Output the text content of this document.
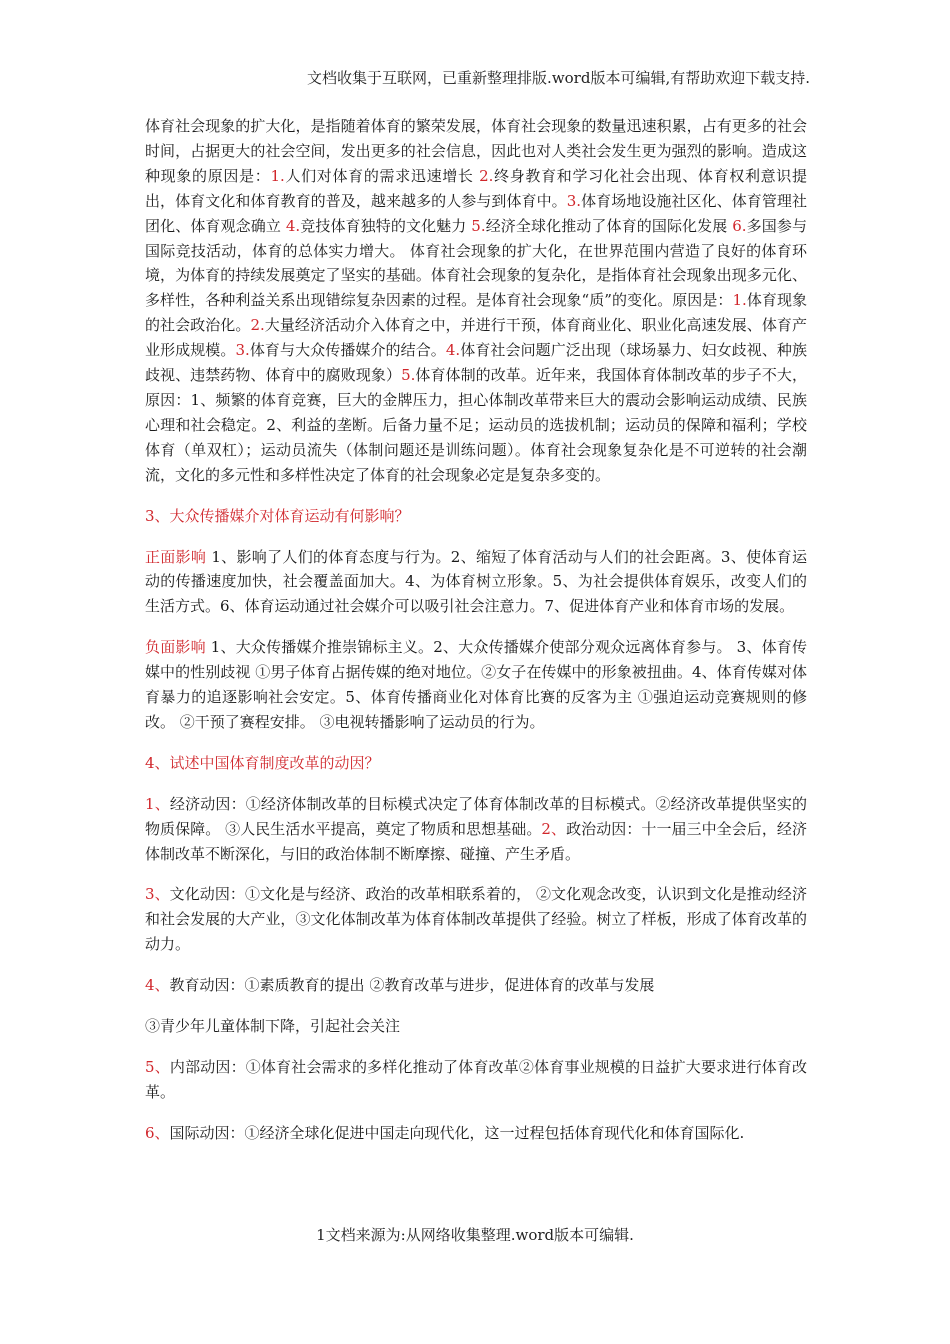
文档收集于互联网，已重新整理排版.word版本可编辑,有帮助欢迎下载支持.

体育社会现象的扩大化，是指随着体育的繁荣发展，体育社会现象的数量迅速积累，占有更多的社会时间，占据更大的社会空间，发出更多的社会信息，因此也对人类社会发生更为强烈的影响。造成这种现象的原因是：1.人们对体育的需求迅速增长 2.终身教育和学习化社会出现、体育权利意识提出，体育文化和体育教育的普及，越来越多的人参与到体育中。3.体育场地设施社区化、体育管理社团化、体育观念确立 4.竞技体育独特的文化魅力 5.经济全球化推动了体育的国际化发展 6.多国参与国际竞技活动，体育的总体实力增大。 体育社会现象的扩大化，在世界范围内营造了良好的体育环境，为体育的持续发展奠定了坚实的基础。体育社会现象的复杂化，是指体育社会现象出现多元化、多样性，各种利益关系出现错综复杂因素的过程。是体育社会现象“质”的变化。原因是：1.体育现象的社会政治化。2.大量经济活动介入体育之中，并进行干预，体育商业化、职业化高速发展、体育产业形成规模。3.体育与大众传播媒介的结合。4.体育社会问题广泛出现（球场暴力、妇女歧视、种族歧视、违禁药物、体育中的腐败现象）5.体育体制的改革。近年来，我国体育体制改革的步子不大，原因：1、频繁的体育竞赛，巨大的金牌压力，担心体制改革带来巨大的震动会影响运动成绩、民族心理和社会稳定。2、利益的垄断。后备力量不足；运动员的选拔机制；运动员的保障和福利；学校体育（单双杠）；运动员流失（体制问题还是训练问题）。体育社会现象复杂化是不可逆转的社会潮流，文化的多元性和多样性决定了体育的社会现象必定是复杂多变的。

3、大众传播媒介对体育运动有何影响？

正面影响 1、影响了人们的体育态度与行为。2、缩短了体育活动与人们的社会距离。3、使体育运动的传播速度加快，社会覆盖面加大。4、为体育树立形象。5、为社会提供体育娱乐，改变人们的生活方式。6、体育运动通过社会媒介可以吸引社会注意力。7、促进体育产业和体育市场的发展。

负面影响 1、大众传播媒介推崇锦标主义。2、大众传播媒介使部分观众远离体育参与。 3、体育传媒中的性别歧视 ①男子体育占据传媒的绝对地位。②女子在传媒中的形象被扭曲。4、体育传媒对体育暴力的追逐影响社会安定。5、体育传播商业化对体育比赛的反客为主 ①强迫运动竞赛规则的修改。 ②干预了赛程安排。 ③电视转播影响了运动员的行为。

4、试述中国体育制度改革的动因？

1、经济动因：①经济体制改革的目标模式决定了体育体制改革的目标模式。②经济改革提供坚实的物质保障。 ③人民生活水平提高，奠定了物质和思想基础。2、政治动因：十一届三中全会后，经济体制改革不断深化，与旧的政治体制不断摩擦、碰撞、产生矛盾。

3、文化动因：①文化是与经济、政治的改革相联系着的， ②文化观念改变，认识到文化是推动经济和社会发展的大产业，③文化体制改革为体育体制改革提供了经验。树立了样板，形成了体育改革的动力。

4、教育动因：①素质教育的提出 ②教育改革与进步，促进体育的改革与发展

③青少年儿童体制下降，引起社会关注

5、内部动因：①体育社会需求的多样化推动了体育改革②体育事业规模的日益扩大要求进行体育改革。

6、国际动因：①经济全球化促进中国走向现代化，这一过程包括体育现代化和体育国际化.

1文档来源为:从网络收集整理.word版本可编辑.
